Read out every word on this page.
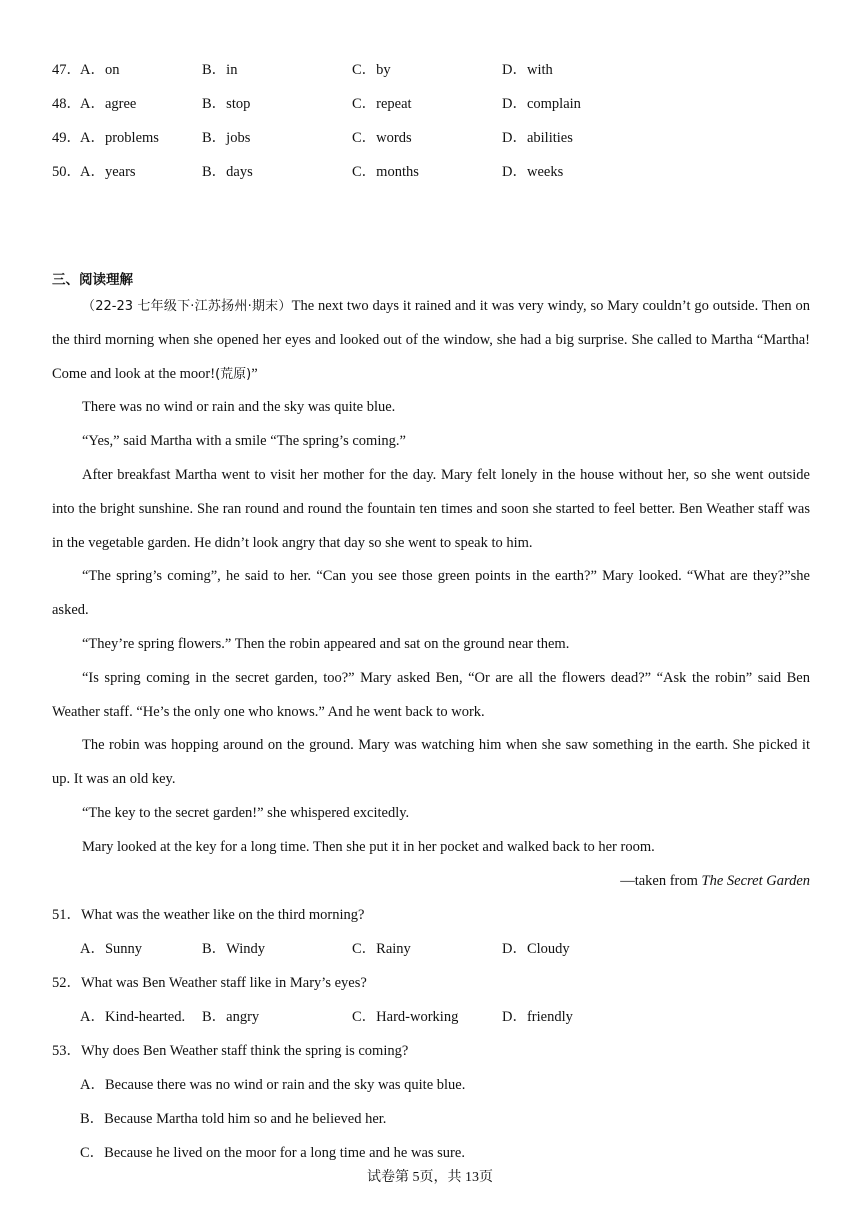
47． A．on	B．in	C．by	D．with
48． A．agree	B．stop	C．repeat	D．complain
49． A．problems	B．jobs	C．words	D．abilities
50． A．years	B．days	C．months	D．weeks
三、阅读理解

（22-23 七年级下·江苏扬州·期末）The next two days it rained and it was very windy, so Mary couldn’t go outside. Then on the third morning when she opened her eyes and looked out of the window, she had a big surprise. She called to Martha “Martha! Come and look at the moor!(荒原)”

There was no wind or rain and the sky was quite blue.

“Yes,” said Martha with a smile “The spring’s coming.”

After breakfast Martha went to visit her mother for the day. Mary felt lonely in the house without her, so she went outside into the bright sunshine. She ran round and round the fountain ten times and soon she started to feel better. Ben Weather staff was in the vegetable garden. He didn’t look angry that day so she went to speak to him.

“The spring’s coming”, he said to her. “Can you see those green points in the earth?” Mary looked. “What are they?”she asked.

“They’re spring flowers.” Then the robin appeared and sat on the ground near them.

“Is spring coming in the secret garden, too?” Mary asked Ben, “Or are all the flowers dead?” “Ask the robin” said Ben Weather staff. “He’s the only one who knows.” And he went back to work.

The robin was hopping around on the ground. Mary was watching him when she saw something in the earth. She picked it up. It was an old key.

“The key to the secret garden!” she whispered excitedly.

Mary looked at the key for a long time. Then she put it in her pocket and walked back to her room.

—taken from The Secret Garden

51．What was the weather like on the third morning?
A．Sunny	B．Windy	C．Rainy	D．Cloudy
52．What was Ben Weather staff like in Mary’s eyes?
A．Kind-hearted. B．angry	C．Hard-working	D．friendly
53．Why does Ben Weather staff think the spring is coming?
A．Because there was no wind or rain and the sky was quite blue.
B．Because Martha told him so and he believed her.
C．Because he lived on the moor for a long time and he was sure.
试卷第 5页，共 13页
